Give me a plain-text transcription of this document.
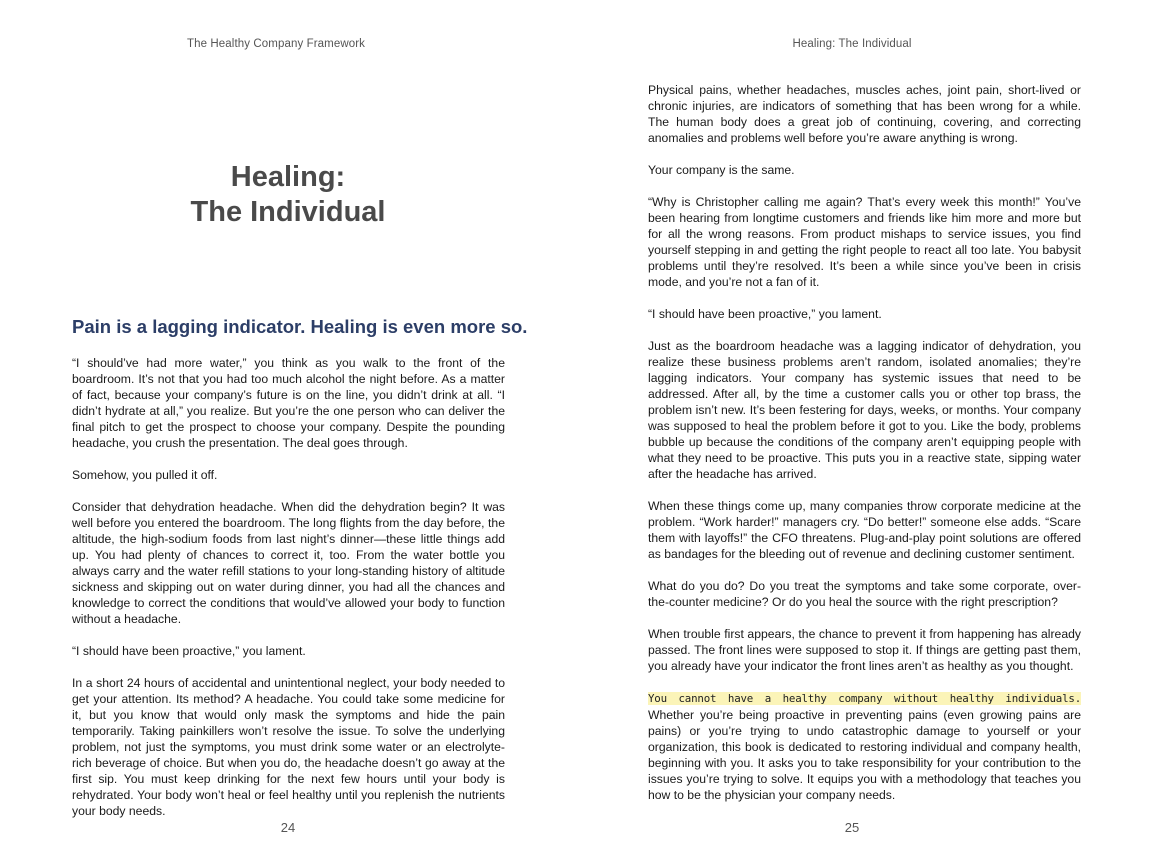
The Healthy Company Framework
Healing:
The Individual
Pain is a lagging indicator. Healing is even more so.

“I should’ve had more water,” you think as you walk to the front of the boardroom. It’s not that you had too much alcohol the night before. As a matter of fact, because your company’s future is on the line, you didn’t drink at all. “I didn’t hydrate at all,” you realize. But you’re the one person who can deliver the final pitch to get the prospect to choose your company. Despite the pounding headache, you crush the presentation. The deal goes through.

Somehow, you pulled it off.

Consider that dehydration headache. When did the dehydration begin? It was well before you entered the boardroom. The long flights from the day before, the altitude, the high-sodium foods from last night’s dinner—these little things add up. You had plenty of chances to correct it, too. From the water bottle you always carry and the water refill stations to your long-standing history of altitude sickness and skipping out on water during dinner, you had all the chances and knowledge to correct the conditions that would’ve allowed your body to function without a headache.

“I should have been proactive,” you lament.

In a short 24 hours of accidental and unintentional neglect, your body needed to get your attention. Its method? A headache. You could take some medicine for it, but you know that would only mask the symptoms and hide the pain temporarily. Taking painkillers won’t resolve the issue. To solve the underlying problem, not just the symptoms, you must drink some water or an electrolyte-rich beverage of choice. But when you do, the headache doesn’t go away at the first sip. You must keep drinking for the next few hours until your body is rehydrated. Your body won’t heal or feel healthy until you replenish the nutrients your body needs.

24
Healing: The Individual

Physical pains, whether headaches, muscles aches, joint pain, short-lived or chronic injuries, are indicators of something that has been wrong for a while. The human body does a great job of continuing, covering, and correcting anomalies and problems well before you’re aware anything is wrong.

Your company is the same.

“Why is Christopher calling me again? That’s every week this month!” You’ve been hearing from longtime customers and friends like him more and more but for all the wrong reasons. From product mishaps to service issues, you find yourself stepping in and getting the right people to react all too late. You babysit problems until they’re resolved. It’s been a while since you’ve been in crisis mode, and you’re not a fan of it.

“I should have been proactive,” you lament.

Just as the boardroom headache was a lagging indicator of dehydration, you realize these business problems aren’t random, isolated anomalies; they’re lagging indicators. Your company has systemic issues that need to be addressed. After all, by the time a customer calls you or other top brass, the problem isn’t new. It’s been festering for days, weeks, or months. Your company was supposed to heal the problem before it got to you. Like the body, problems bubble up because the conditions of the company aren’t equipping people with what they need to be proactive. This puts you in a reactive state, sipping water after the headache has arrived.

When these things come up, many companies throw corporate medicine at the problem. “Work harder!” managers cry. “Do better!” someone else adds. “Scare them with layoffs!” the CFO threatens. Plug-and-play point solutions are offered as bandages for the bleeding out of revenue and declining customer sentiment.

What do you do? Do you treat the symptoms and take some corporate, over-the-counter medicine? Or do you heal the source with the right prescription?

When trouble first appears, the chance to prevent it from happening has already passed. The front lines were supposed to stop it. If things are getting past them, you already have your indicator the front lines aren’t as healthy as you thought.

You cannot have a healthy company without healthy individuals. Whether you’re being proactive in preventing pains (even growing pains are pains) or you’re trying to undo catastrophic damage to yourself or your organization, this book is dedicated to restoring individual and company health, beginning with you. It asks you to take responsibility for your contribution to the issues you’re trying to solve. It equips you with a methodology that teaches you how to be the physician your company needs.

25
